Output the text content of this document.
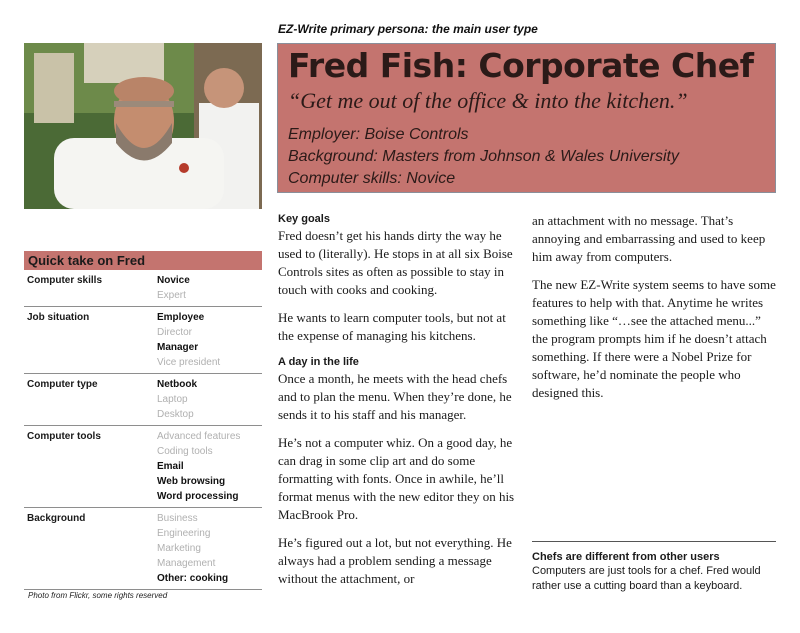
EZ-Write primary persona: the main user type
Fred Fish: Corporate Chef
“Get me out of the office & into the kitchen.”
Employer: Boise Controls
Background: Masters from Johnson & Wales University
Computer skills: Novice
Quick take on Fred
Computer skills	Novice
Expert
Job situation	Employee
Director
Manager
Vice president
Computer type	Netbook
Laptop
Desktop
Computer tools	Advanced features
Coding tools
Email
Web browsing
Word processing
Background	Business
Engineering
Marketing
Management
Other: cooking
Photo from Flickr, some rights reserved
Key goals

Fred doesn’t get his hands dirty the way he used to (literally). He stops in at all six Boise Controls sites as often as possible to stay in touch with cooks and cooking.

He wants to learn computer tools, but not at the expense of managing his kitchens.

A day in the life

Once a month, he meets with the head chefs and to plan the menu. When they’re done, he sends it to his staff and his manager.

He’s not a computer whiz. On a good day, he can drag in some clip art and do some formatting with fonts. Once in awhile, he’ll format menus with the new editor they on his MacBrook Pro.

He’s figured out a lot, but not everything. He always had a problem sending a message without the attachment, or

an attachment with no message. That’s annoying and embarrassing and used to keep him away from computers.

The new EZ-Write system seems to have some features to help with that. Anytime he writes something like “…see the attached menu...” the program prompts him if he doesn’t attach something. If there were a Nobel Prize for software, he’d nominate the people who designed this.

Chefs are different from other users
Computers are just tools for a chef. Fred would rather use a cutting board than a keyboard.
